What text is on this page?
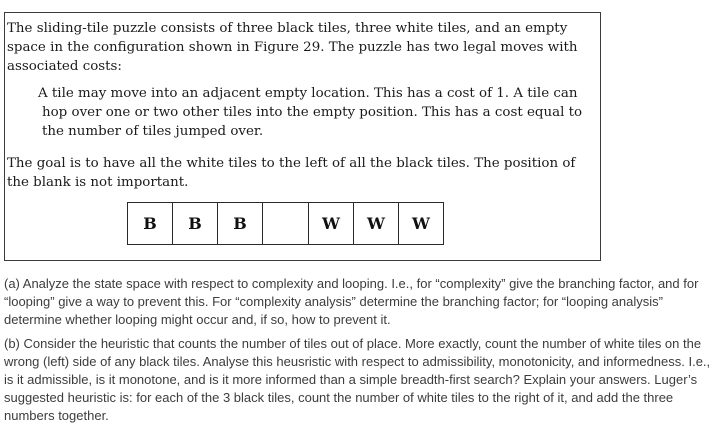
The sliding-tile puzzle consists of three black tiles, three white tiles, and an empty space in the configuration shown in Figure 29. The puzzle has two legal moves with associated costs:
A tile may move into an adjacent empty location. This has a cost of 1. A tile can hop over one or two other tiles into the empty position. This has a cost equal to the number of tiles jumped over.
The goal is to have all the white tiles to the left of all the black tiles. The position of the blank is not important.
B	B	B	W	W	W

(a) Analyze the state space with respect to complexity and looping. I.e., for “complexity” give the branching factor, and for “looping” give a way to prevent this. For “complexity analysis” determine the branching factor; for “looping analysis” determine whether looping might occur and, if so, how to prevent it.

(b) Consider the heuristic that counts the number of tiles out of place. More exactly, count the number of white tiles on the wrong (left) side of any black tiles. Analyse this heusristic with respect to admissibility, monotonicity, and informedness. I.e., is it admissible, is it monotone, and is it more informed than a simple breadth-first search? Explain your answers. Luger’s suggested heuristic is: for each of the 3 black tiles, count the number of white tiles to the right of it, and add the three numbers together.
